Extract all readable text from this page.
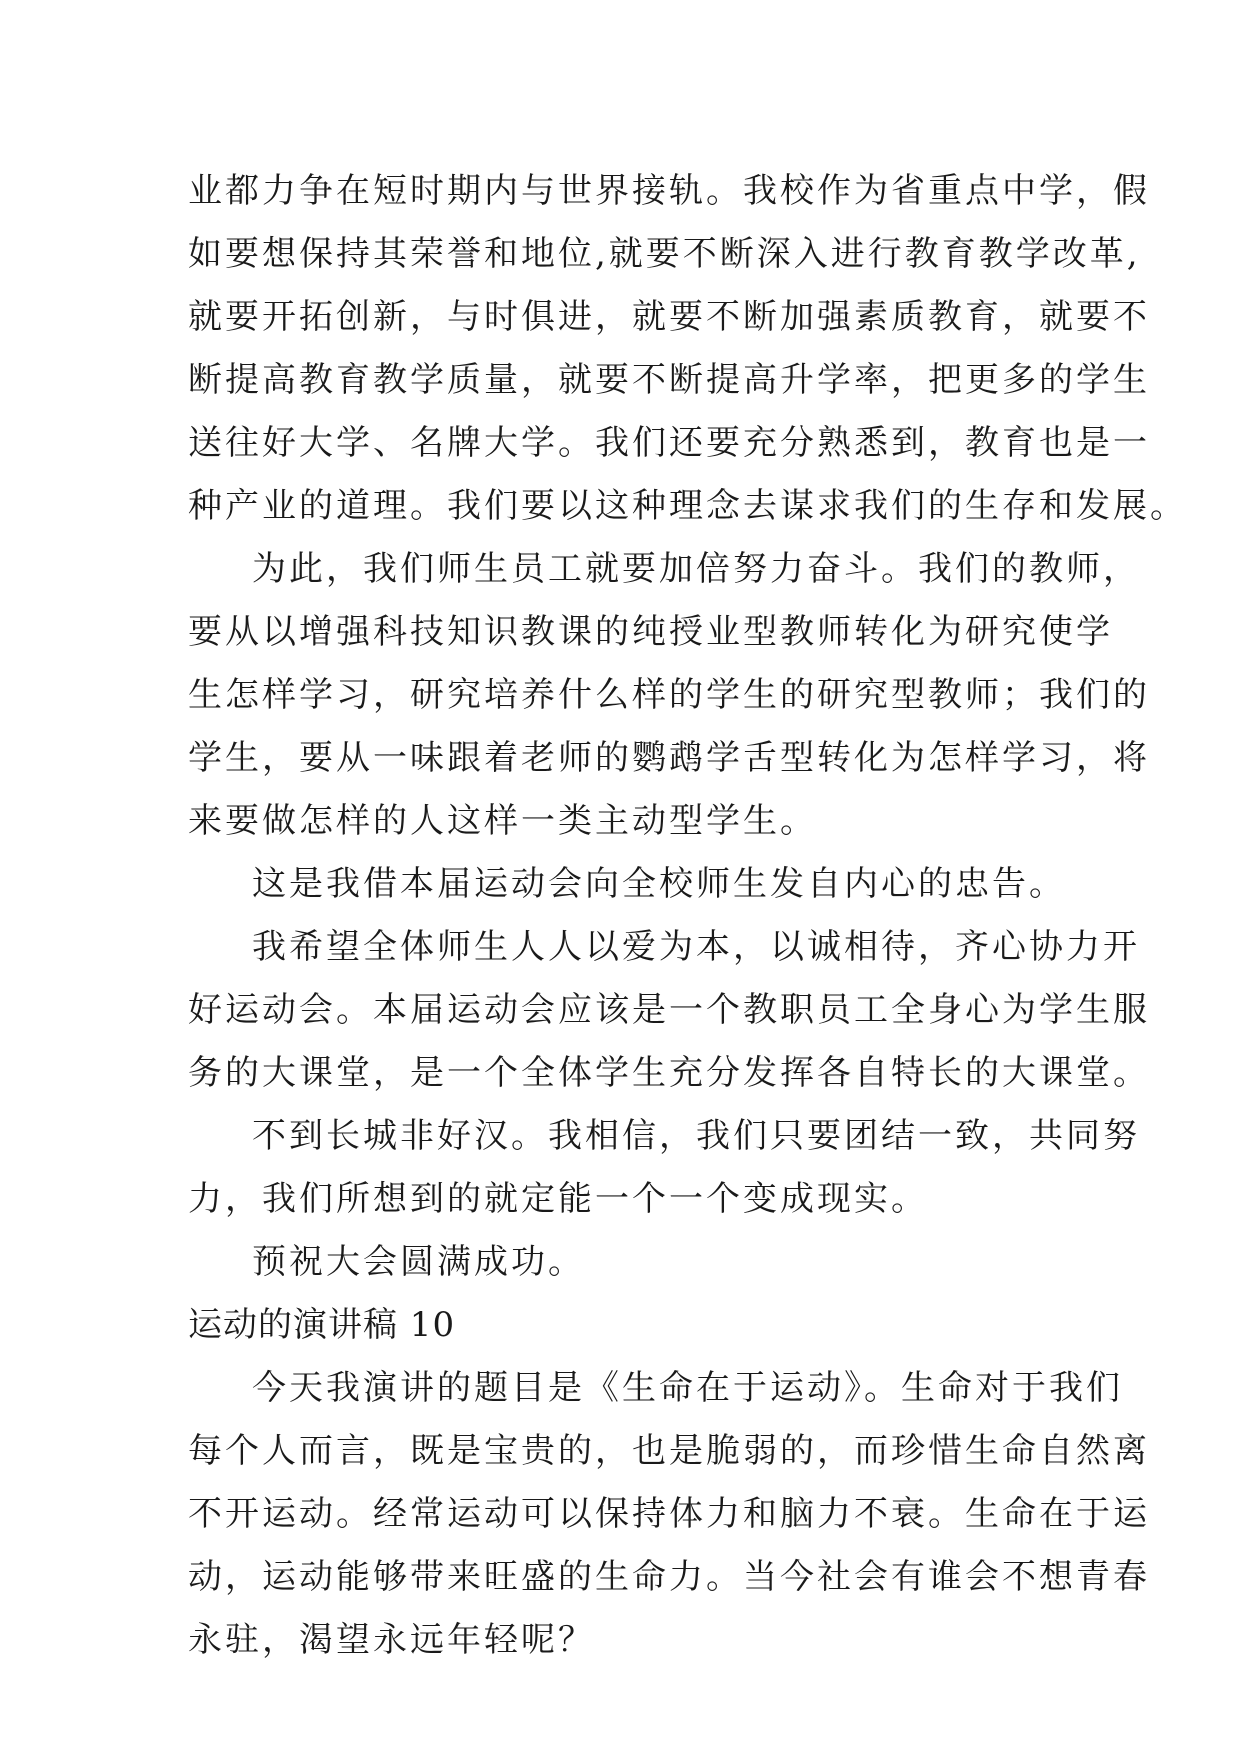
业都力争在短时期内与世界接轨。我校作为省重点中学，假
如要想保持其荣誉和地位,就要不断深入进行教育教学改革,
就要开拓创新，与时俱进，就要不断加强素质教育，就要不
断提高教育教学质量，就要不断提高升学率，把更多的学生
送往好大学、名牌大学。我们还要充分熟悉到，教育也是一
种产业的道理。我们要以这种理念去谋求我们的生存和发展。
为此，我们师生员工就要加倍努力奋斗。我们的教师，
要从以增强科技知识教课的纯授业型教师转化为研究使学
生怎样学习，研究培养什么样的学生的研究型教师；我们的
学生，要从一味跟着老师的鹦鹉学舌型转化为怎样学习，将
来要做怎样的人这样一类主动型学生。
这是我借本届运动会向全校师生发自内心的忠告。
我希望全体师生人人以爱为本，以诚相待，齐心协力开
好运动会。本届运动会应该是一个教职员工全身心为学生服
务的大课堂，是一个全体学生充分发挥各自特长的大课堂。
不到长城非好汉。我相信，我们只要团结一致，共同努
力，我们所想到的就定能一个一个变成现实。
预祝大会圆满成功。
运动的演讲稿 10
今天我演讲的题目是《生命在于运动》。生命对于我们
每个人而言，既是宝贵的，也是脆弱的，而珍惜生命自然离
不开运动。经常运动可以保持体力和脑力不衰。生命在于运
动，运动能够带来旺盛的生命力。当今社会有谁会不想青春
永驻，渴望永远年轻呢？
